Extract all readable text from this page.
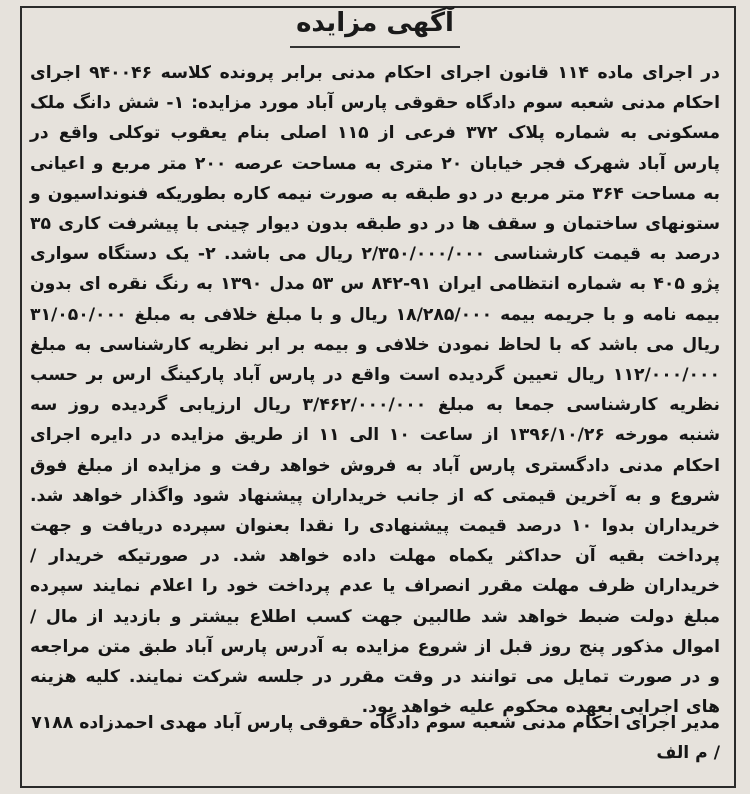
آگهی مزایده
در اجرای ماده ۱۱۴ قانون اجرای احکام مدنی برابر پرونده کلاسه ۹۴۰۰۴۶ اجرای احکام مدنی شعبه سوم دادگاه حقوقی پارس آباد مورد مزایده: ۱- شش دانگ ملک مسکونی به شماره پلاک ۳۷۲ فرعی از ۱۱۵ اصلی بنام یعقوب توکلی واقع در پارس آباد شهرک فجر خیابان ۲۰ متری به مساحت عرصه ۲۰۰ متر مربع و اعیانی به مساحت ۳۶۴ متر مربع در دو طبقه به صورت نیمه کاره بطوریکه فنونداسیون و ستونهای ساختمان و سقف ها در دو طبقه بدون دیوار چینی با پیشرفت کاری ۳۵ درصد به قیمت کارشناسی ۲/۳۵۰/۰۰۰/۰۰۰ ریال می باشد. ۲- یک دستگاه سواری پژو ۴۰۵ به شماره انتظامی ایران ۹۱-۸۴۲ س ۵۳ مدل ۱۳۹۰ به رنگ نقره ای بدون بیمه نامه و با جریمه بیمه ۱۸/۲۸۵/۰۰۰ ریال و با مبلغ خلافی به مبلغ ۳۱/۰۵۰/۰۰۰ ریال می باشد که با لحاظ نمودن خلافی و بیمه بر ابر نظریه کارشناسی به مبلغ ۱۱۲/۰۰۰/۰۰۰ ریال تعیین گردیده است واقع در پارس آباد پارکینگ ارس بر حسب نظریه کارشناسی جمعا به مبلغ ۳/۴۶۲/۰۰۰/۰۰۰ ریال ارزیابی گردیده روز سه شنبه مورخه ۱۳۹۶/۱۰/۲۶ از ساعت ۱۰ الی ۱۱ از طریق مزایده در دایره اجرای احکام مدنی دادگستری پارس آباد به فروش خواهد رفت و مزایده از مبلغ فوق شروع و به آخرین قیمتی که از جانب خریداران پیشنهاد شود واگذار خواهد شد. خریداران بدوا ۱۰ درصد قیمت پیشنهادی را نقدا بعنوان سپرده دریافت و جهت پرداخت بقیه آن حداکثر یکماه مهلت داده خواهد شد. در صورتیکه خریدار / خریداران ظرف مهلت مقرر انصراف یا عدم پرداخت خود را اعلام نمایند سپرده مبلغ دولت ضبط خواهد شد طالبین جهت کسب اطلاع بیشتر و بازدید از مال / اموال مذکور پنج روز قبل از شروع مزایده به آدرس پارس آباد طبق متن مراجعه و در صورت تمایل می توانند در وقت مقرر در جلسه شرکت نمایند. کلیه هزینه های اجرایی بعهده محکوم علیه خواهد بود.
مدیر اجرای احکام مدنی شعبه سوم دادگاه حقوقی پارس آباد مهدی احمدزاده ۷۱۸۸
/ م الف
